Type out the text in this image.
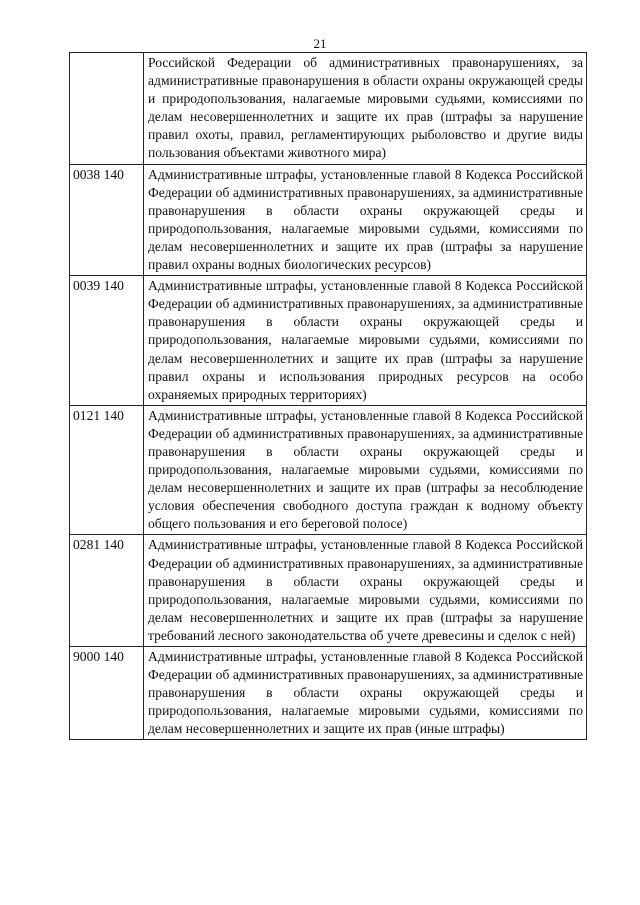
21
	Российской Федерации об административных правонарушениях, за административные правонарушения в области охраны окружающей среды и природопользования, налагаемые мировыми судьями, комиссиями по делам несовершеннолетних и защите их прав (штрафы за нарушение правил охоты, правил, регламентирующих рыболовство и другие виды пользования объектами животного мира)
0038 140	Административные штрафы, установленные главой 8 Кодекса Российской Федерации об административных правонарушениях, за административные правонарушения в области охраны окружающей среды и природопользования, налагаемые мировыми судьями, комиссиями по делам несовершеннолетних и защите их прав (штрафы за нарушение правил охраны водных биологических ресурсов)
0039 140	Административные штрафы, установленные главой 8 Кодекса Российской Федерации об административных правонарушениях, за административные правонарушения в области охраны окружающей среды и природопользования, налагаемые мировыми судьями, комиссиями по делам несовершеннолетних и защите их прав (штрафы за нарушение правил охраны и использования природных ресурсов на особо охраняемых природных территориях)
0121 140	Административные штрафы, установленные главой 8 Кодекса Российской Федерации об административных правонарушениях, за административные правонарушения в области охраны окружающей среды и природопользования, налагаемые мировыми судьями, комиссиями по делам несовершеннолетних и защите их прав (штрафы за несоблюдение условия обеспечения свободного доступа граждан к водному объекту общего пользования и его береговой полосе)
0281 140	Административные штрафы, установленные главой 8 Кодекса Российской Федерации об административных правонарушениях, за административные правонарушения в области охраны окружающей среды и природопользования, налагаемые мировыми судьями, комиссиями по делам несовершеннолетних и защите их прав (штрафы за нарушение требований лесного законодательства об учете древесины и сделок с ней)
9000 140	Административные штрафы, установленные главой 8 Кодекса Российской Федерации об административных правонарушениях, за административные правонарушения в области охраны окружающей среды и природопользования, налагаемые мировыми судьями, комиссиями по делам несовершеннолетних и защите их прав (иные штрафы)
